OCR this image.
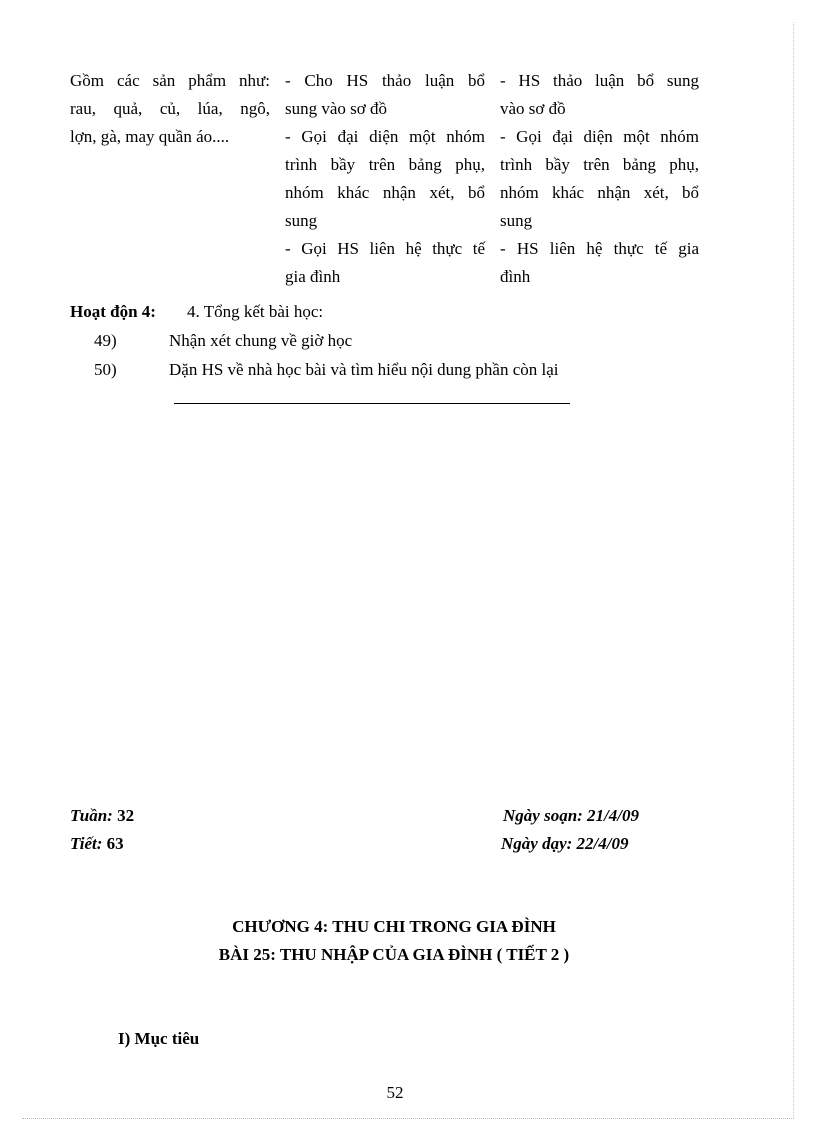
Gồm các sản phẩm như:
rau, quả, củ, lúa, ngô,
lợn, gà, may quần áo....
- Cho HS thảo luận bổ
sung vào sơ đồ
- Gọi đại diện một nhóm
trình bầy trên bảng phụ,
nhóm khác nhận xét, bổ
sung
- Gọi HS liên hệ thực tế
gia đình
- HS thảo luận bổ sung
vào sơ đồ
- Gọi đại diện một nhóm
trình bầy trên bảng phụ,
nhóm khác nhận xét, bổ
sung
- HS liên hệ thực tế gia
đình
Hoạt độn 4: 4. Tổng kết bài học:
49)	Nhận xét chung về giờ học
50)	Dặn HS về nhà học bài và tìm hiểu nội dung phần còn lại
Tuần: 32
Tiết: 63
Ngày soạn: 21/4/09
Ngày dạy: 22/4/09
CHƯƠNG 4: THU CHI TRONG GIA ĐÌNH
BÀI 25: THU NHẬP CỦA GIA ĐÌNH ( TIẾT 2 )
I) Mục tiêu
52
